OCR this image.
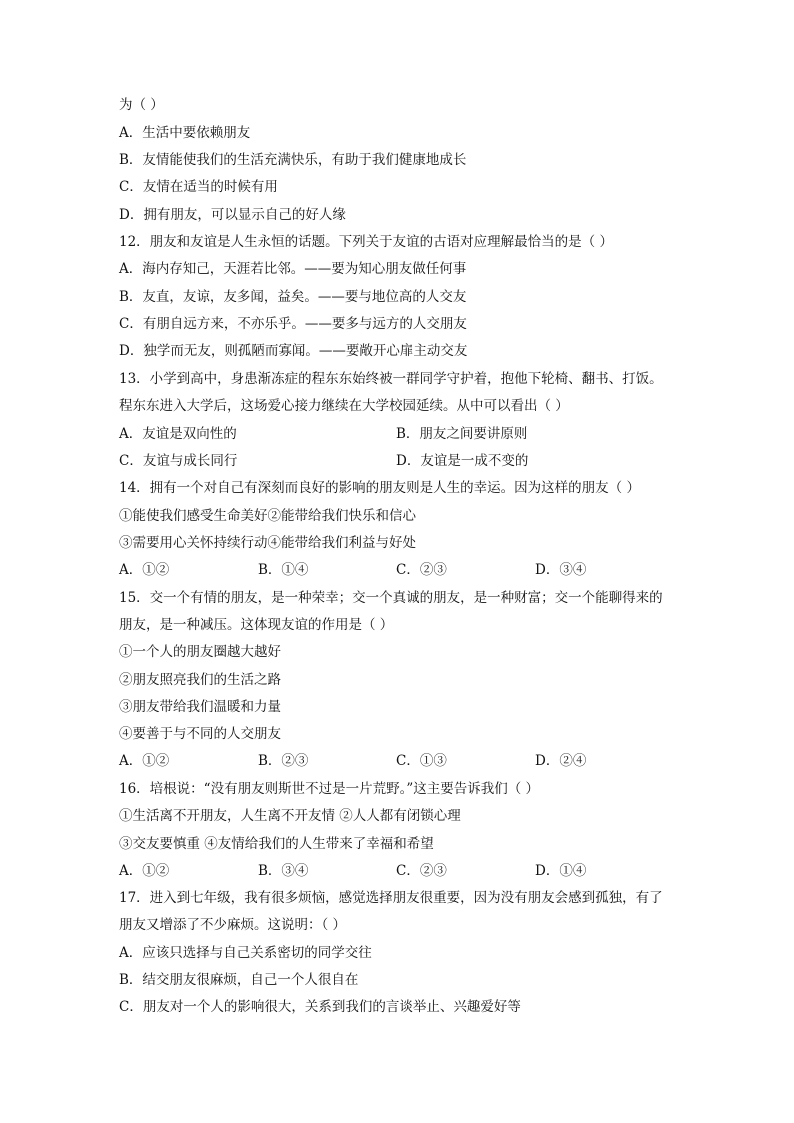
为（ ）
A．生活中要依赖朋友
B．友情能使我们的生活充满快乐，有助于我们健康地成长
C．友情在适当的时候有用
D．拥有朋友，可以显示自己的好人缘
12．朋友和友谊是人生永恒的话题。下列关于友谊的古语对应理解最恰当的是（ ）
A．海内存知己，天涯若比邻。——要为知心朋友做任何事
B．友直，友谅，友多闻，益矣。——要与地位高的人交友
C．有朋自远方来，不亦乐乎。——要多与远方的人交朋友
D．独学而无友，则孤陋而寡闻。——要敞开心扉主动交友
13．小学到高中，身患渐冻症的程东东始终被一群同学守护着，抱他下轮椅、翻书、打饭。
程东东进入大学后，这场爱心接力继续在大学校园延续。从中可以看出（ ）
A．友谊是双向性的	B．朋友之间要讲原则
C．友谊与成长同行	D．友谊是一成不变的
14．拥有一个对自己有深刻而良好的影响的朋友则是人生的幸运。因为这样的朋友（ ）
①能使我们感受生命美好②能带给我们快乐和信心
③需要用心关怀持续行动④能带给我们利益与好处
A．①②	B．①④	C．②③	D．③④
15．交一个有情的朋友，是一种荣幸；交一个真诚的朋友，是一种财富；交一个能聊得来的
朋友，是一种减压。这体现友谊的作用是（ ）
①一个人的朋友圈越大越好
②朋友照亮我们的生活之路
③朋友带给我们温暖和力量
④要善于与不同的人交朋友
A．①②	B．②③	C．①③	D．②④
16．培根说：“没有朋友则斯世不过是一片荒野。”这主要告诉我们（ ）
①生活离不开朋友，人生离不开友情 ②人人都有闭锁心理
③交友要慎重 ④友情给我们的人生带来了幸福和希望
A．①②	B．③④	C．②③	D．①④
17．进入到七年级，我有很多烦恼，感觉选择朋友很重要，因为没有朋友会感到孤独，有了
朋友又增添了不少麻烦。这说明：（ ）
A．应该只选择与自己关系密切的同学交往
B．结交朋友很麻烦，自己一个人很自在
C．朋友对一个人的影响很大，关系到我们的言谈举止、兴趣爱好等
